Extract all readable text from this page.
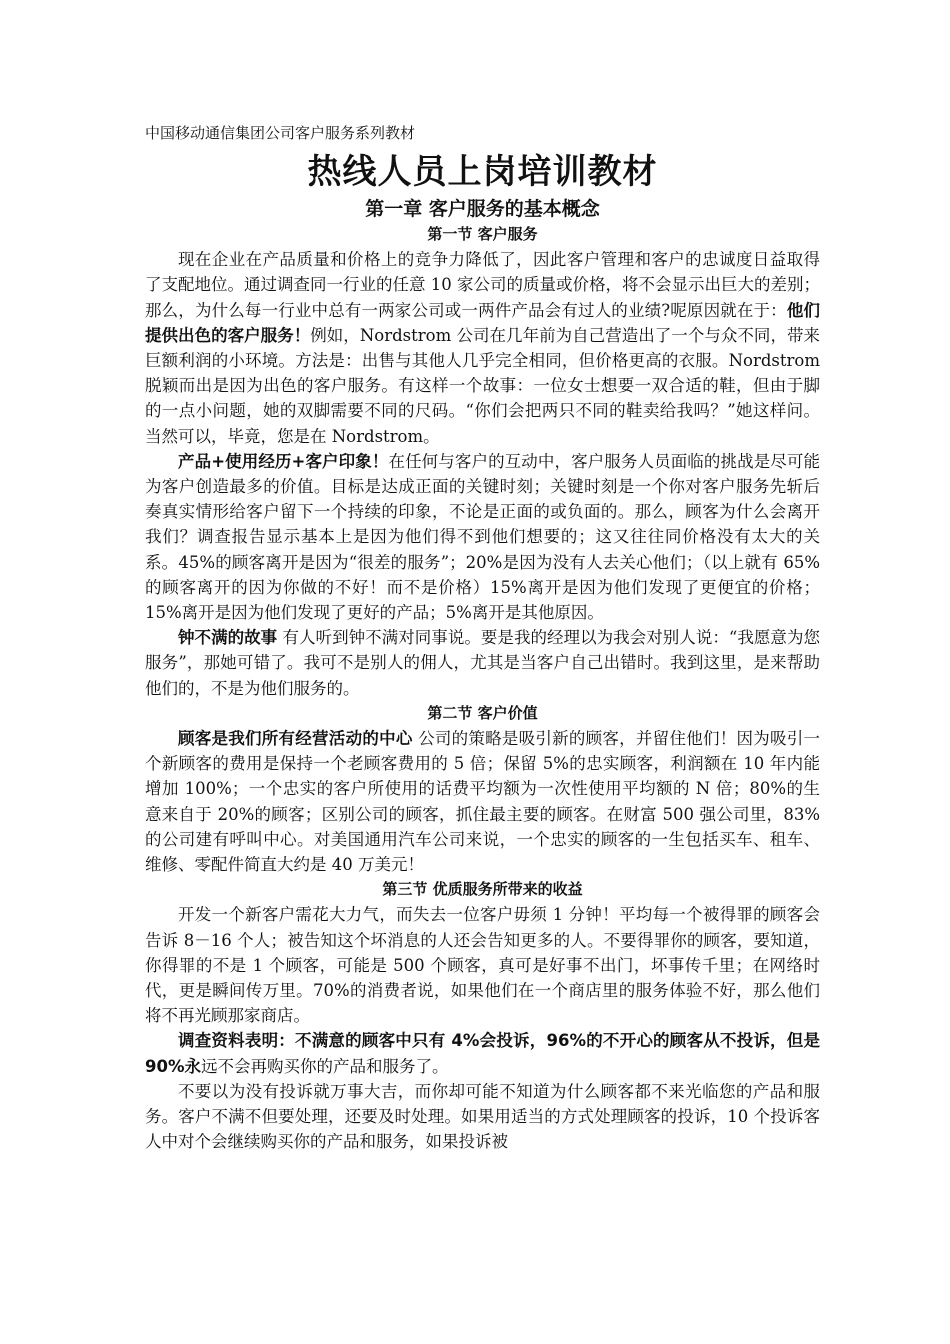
中国移动通信集团公司客户服务系列教材
热线人员上岗培训教材
第一章 客户服务的基本概念
第一节 客户服务

现在企业在产品质量和价格上的竞争力降低了，因此客户管理和客户的忠诚度日益取得了支配地位。通过调查同一行业的任意 10 家公司的质量或价格，将不会显示出巨大的差别；那么，为什么每一行业中总有一两家公司或一两件产品会有过人的业绩?呢原因就在于：他们提供出色的客户服务！例如，Nordstrom 公司在几年前为自己营造出了一个与众不同，带来巨额利润的小环境。方法是：出售与其他人几乎完全相同，但价格更高的衣服。Nordstrom 脱颖而出是因为出色的客户服务。有这样一个故事：一位女士想要一双合适的鞋，但由于脚的一点小问题，她的双脚需要不同的尺码。“你们会把两只不同的鞋卖给我吗？”她这样问。当然可以，毕竟，您是在 Nordstrom。

产品+使用经历+客户印象！在任何与客户的互动中，客户服务人员面临的挑战是尽可能为客户创造最多的价值。目标是达成正面的关键时刻；关键时刻是一个你对客户服务先斩后奏真实情形给客户留下一个持续的印象，不论是正面的或负面的。那么，顾客为什么会离开我们？调查报告显示基本上是因为他们得不到他们想要的；这又往往同价格没有太大的关系。45%的顾客离开是因为“很差的服务”；20%是因为没有人去关心他们；（以上就有 65%的顾客离开的因为你做的不好！而不是价格）15%离开是因为他们发现了更便宜的价格；15%离开是因为他们发现了更好的产品；5%离开是其他原因。

钟不满的故事 有人听到钟不满对同事说。要是我的经理以为我会对别人说：“我愿意为您服务”，那她可错了。我可不是别人的佣人，尤其是当客户自己出错时。我到这里，是来帮助他们的，不是为他们服务的。

第二节 客户价值

顾客是我们所有经营活动的中心 公司的策略是吸引新的顾客，并留住他们！因为吸引一个新顾客的费用是保持一个老顾客费用的 5 倍；保留 5%的忠实顾客，利润额在 10 年内能增加 100%；一个忠实的客户所使用的话费平均额为一次性使用平均额的 N 倍；80%的生意来自于 20%的顾客；区别公司的顾客，抓住最主要的顾客。在财富 500 强公司里，83%的公司建有呼叫中心。对美国通用汽车公司来说，一个忠实的顾客的一生包括买车、租车、维修、零配件简直大约是 40 万美元！

第三节 优质服务所带来的收益

开发一个新客户需花大力气，而失去一位客户毋须 1 分钟！平均每一个被得罪的顾客会告诉 8－16 个人；被告知这个坏消息的人还会告知更多的人。不要得罪你的顾客，要知道，你得罪的不是 1 个顾客，可能是 500 个顾客，真可是好事不出门，坏事传千里；在网络时代，更是瞬间传万里。70%的消费者说，如果他们在一个商店里的服务体验不好，那么他们将不再光顾那家商店。

调查资料表明：不满意的顾客中只有 4%会投诉，96%的不开心的顾客从不投诉，但是 90%永远不会再购买你的产品和服务了。

不要以为没有投诉就万事大吉，而你却可能不知道为什么顾客都不来光临您的产品和服务。客户不满不但要处理，还要及时处理。如果用适当的方式处理顾客的投诉，10 个投诉客人中对个会继续购买你的产品和服务，如果投诉被
